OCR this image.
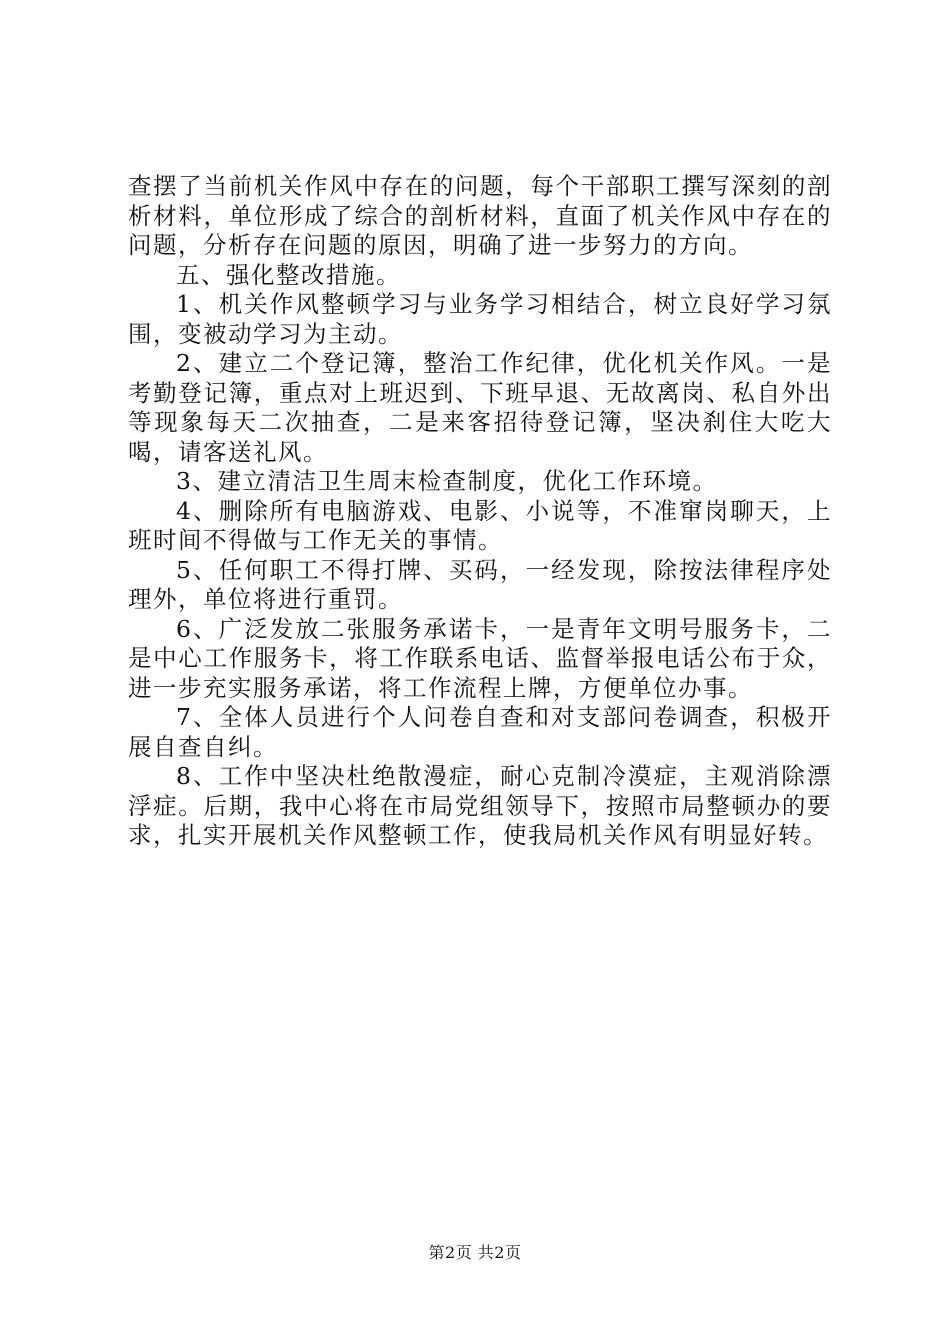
查摆了当前机关作风中存在的问题，每个干部职工撰写深刻的剖析材料，单位形成了综合的剖析材料，直面了机关作风中存在的问题，分析存在问题的原因，明确了进一步努力的方向。

五、强化整改措施。

1、机关作风整顿学习与业务学习相结合，树立良好学习氛围，变被动学习为主动。

2、建立二个登记簿，整治工作纪律，优化机关作风。一是考勤登记簿，重点对上班迟到、下班早退、无故离岗、私自外出等现象每天二次抽查，二是来客招待登记簿，坚决刹住大吃大喝，请客送礼风。

3、建立清洁卫生周末检查制度，优化工作环境。

4、删除所有电脑游戏、电影、小说等，不准窜岗聊天，上班时间不得做与工作无关的事情。

5、任何职工不得打牌、买码，一经发现，除按法律程序处理外，单位将进行重罚。

6、广泛发放二张服务承诺卡，一是青年文明号服务卡，二是中心工作服务卡，将工作联系电话、监督举报电话公布于众，进一步充实服务承诺，将工作流程上牌，方便单位办事。

7、全体人员进行个人问卷自查和对支部问卷调查，积极开展自查自纠。

8、工作中坚决杜绝散漫症，耐心克制冷漠症，主观消除漂浮症。后期，我中心将在市局党组领导下，按照市局整顿办的要求，扎实开展机关作风整顿工作，使我局机关作风有明显好转。

第2页 共2页
